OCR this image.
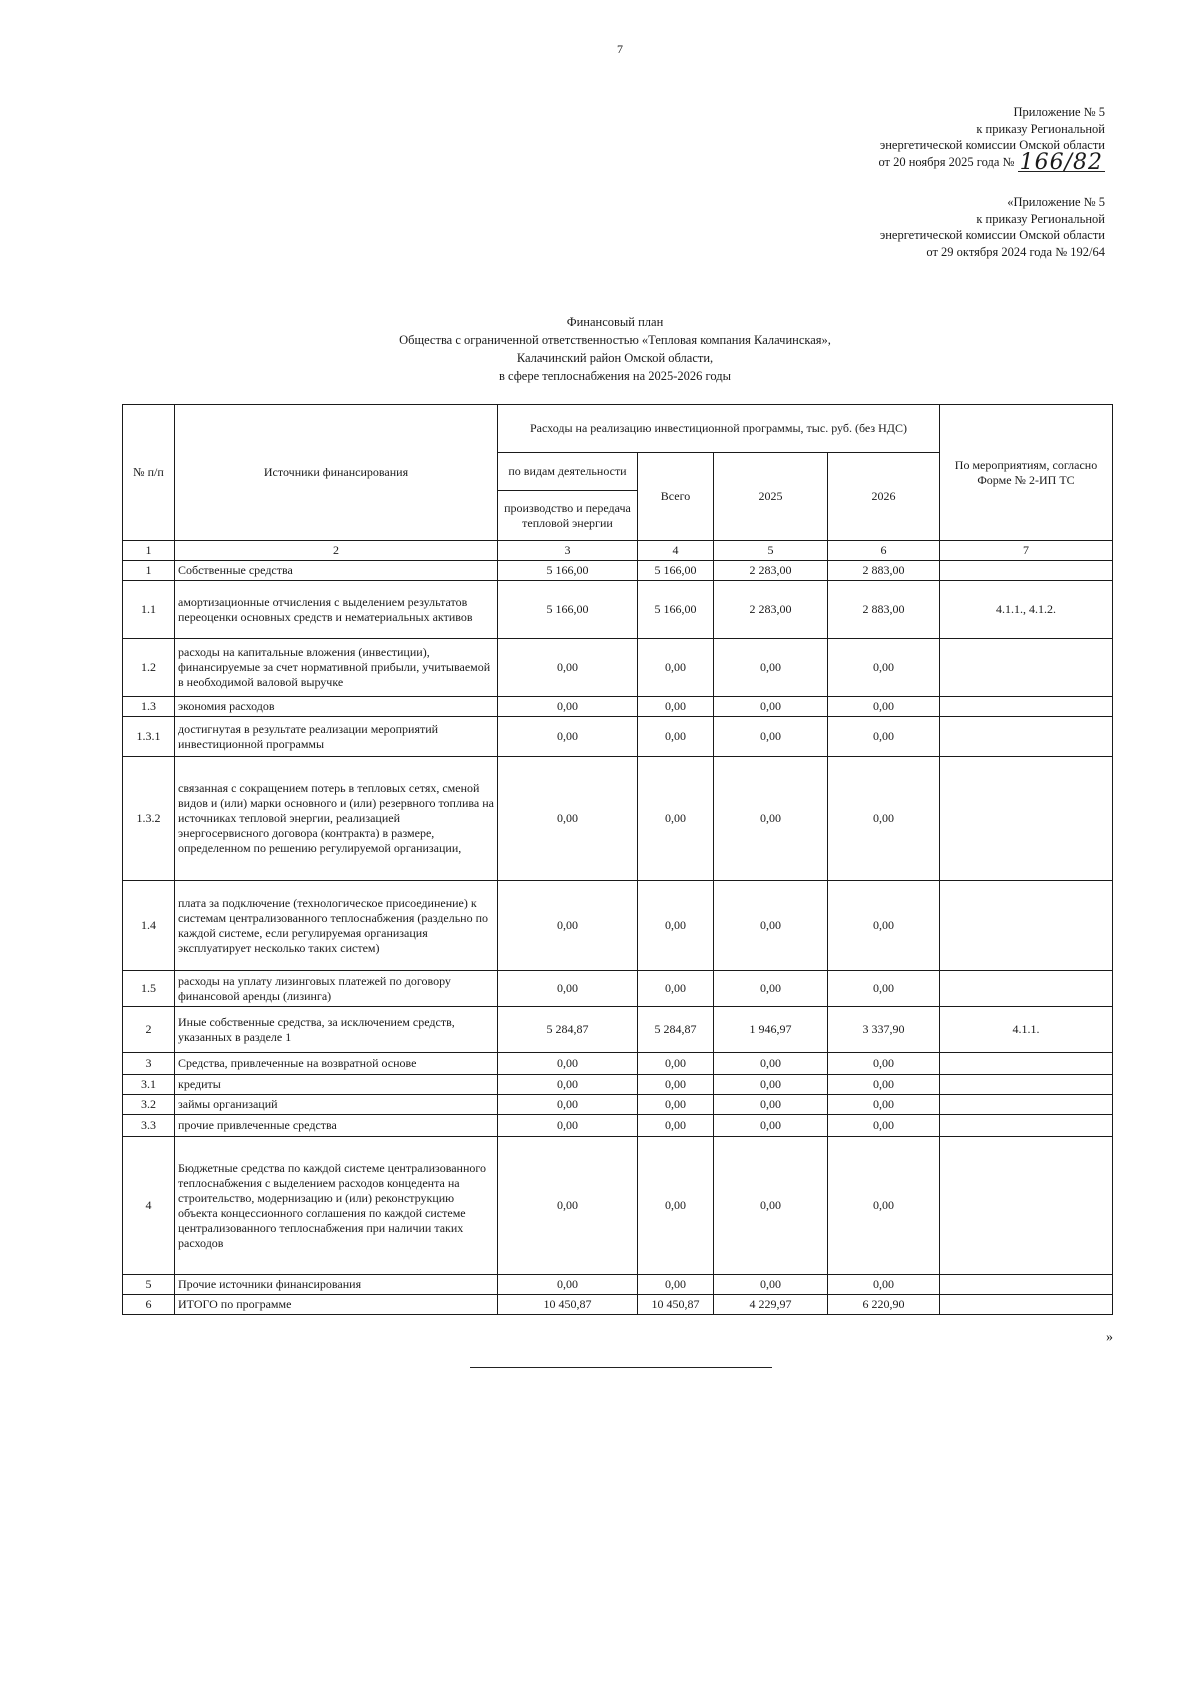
7
Приложение № 5
к приказу Региональной
энергетической комиссии Омской области
от 20 ноября 2025 года № 166/82
«Приложение № 5
к приказу Региональной
энергетической комиссии Омской области
от 29 октября 2024 года № 192/64
Финансовый план
Общества с ограниченной ответственностью «Тепловая компания Калачинская»,
Калачинский район Омской области,
в сфере теплоснабжения на 2025-2026 годы
№ п/п	Источники финансирования	Расходы на реализацию инвестиционной программы, тыс. руб. (без НДС)				По мероприятиям, согласно Форме № 2-ИП ТС
		по видам деятельности	Всего	2025	2026	
		производство и передача тепловой энергии				
1	2	3	4	5	6	7
1	Собственные средства	5 166,00	5 166,00	2 283,00	2 883,00	
1.1	амортизационные отчисления с выделением результатов переоценки основных средств и нематериальных активов	5 166,00	5 166,00	2 283,00	2 883,00	4.1.1., 4.1.2.
1.2	расходы на капитальные вложения (инвестиции), финансируемые за счет нормативной прибыли, учитываемой в необходимой валовой выручке	0,00	0,00	0,00	0,00	
1.3	экономия расходов	0,00	0,00	0,00	0,00	
1.3.1	достигнутая в результате реализации мероприятий инвестиционной программы	0,00	0,00	0,00	0,00	
1.3.2	связанная с сокращением потерь в тепловых сетях, сменой видов и (или) марки основного и (или) резервного топлива на источниках тепловой энергии, реализацией энергосервисного договора (контракта) в размере, определенном по решению регулируемой организации,	0,00	0,00	0,00	0,00	
1.4	плата за подключение (технологическое присоединение) к системам централизованного теплоснабжения (раздельно по каждой системе, если регулируемая организация эксплуатирует несколько таких систем)	0,00	0,00	0,00	0,00	
1.5	расходы на уплату лизинговых платежей по договору финансовой аренды (лизинга)	0,00	0,00	0,00	0,00	
2	Иные собственные средства, за исключением средств, указанных в разделе 1	5 284,87	5 284,87	1 946,97	3 337,90	4.1.1.
3	Средства, привлеченные на возвратной основе	0,00	0,00	0,00	0,00	
3.1	кредиты	0,00	0,00	0,00	0,00	
3.2	займы организаций	0,00	0,00	0,00	0,00	
3.3	прочие привлеченные средства	0,00	0,00	0,00	0,00	
4	Бюджетные средства по каждой системе централизованного теплоснабжения с выделением расходов концедента на строительство, модернизацию и (или) реконструкцию объекта концессионного соглашения по каждой системе централизованного теплоснабжения при наличии таких расходов	0,00	0,00	0,00	0,00	
5	Прочие источники финансирования	0,00	0,00	0,00	0,00	
6	ИТОГО по программе	10 450,87	10 450,87	4 229,97	6 220,90	
»
